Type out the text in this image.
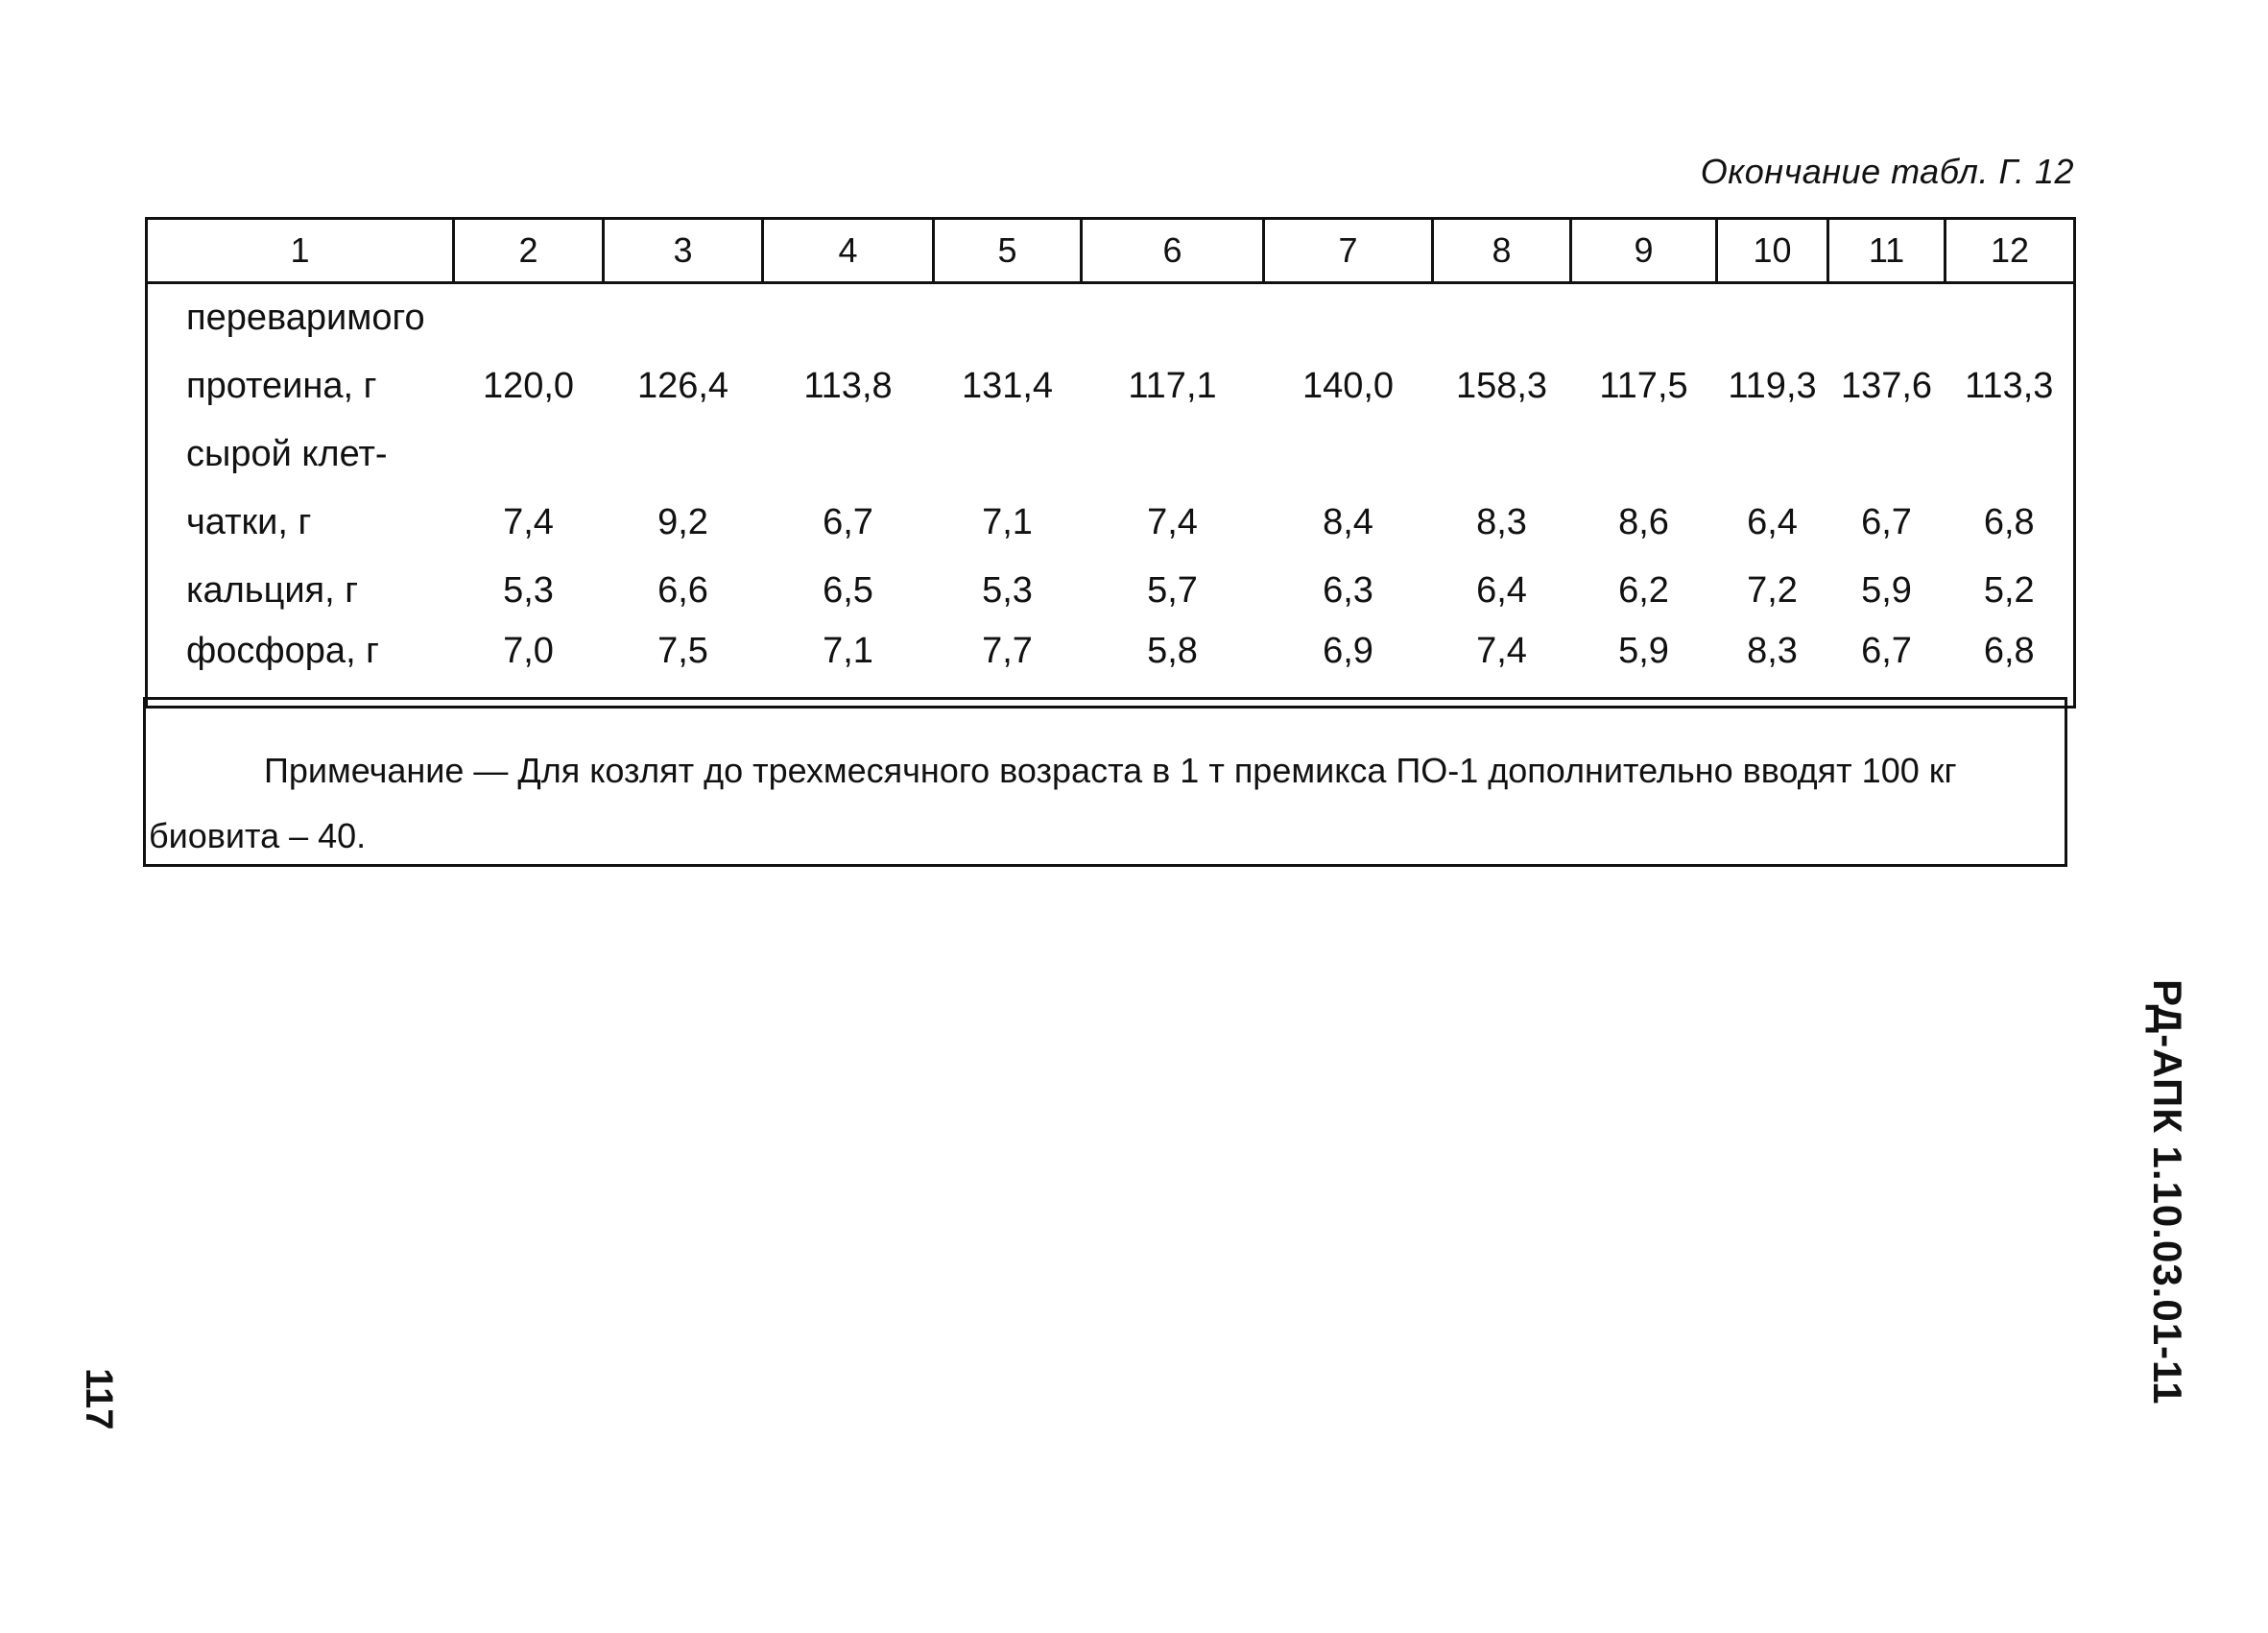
Окончание табл. Г. 12
1	2	3	4	5	6	7	8	9	10	11	12
переваримого											
протеина, г	120,0	126,4	113,8	131,4	117,1	140,0	158,3	117,5	119,3	137,6	113,3
сырой клет-											
чатки, г	7,4	9,2	6,7	7,1	7,4	8,4	8,3	8,6	6,4	6,7	6,8
кальция, г	5,3	6,6	6,5	5,3	5,7	6,3	6,4	6,2	7,2	5,9	5,2
фосфора, г	7,0	7,5	7,1	7,7	5,8	6,9	7,4	5,9	8,3	6,7	6,8
Примечание — Для козлят до трехмесячного возраста в 1 т премикса ПО-1 дополнительно вводят 100 кг
биовита – 40.
РД-АПК 1.10.03.01-11
117
